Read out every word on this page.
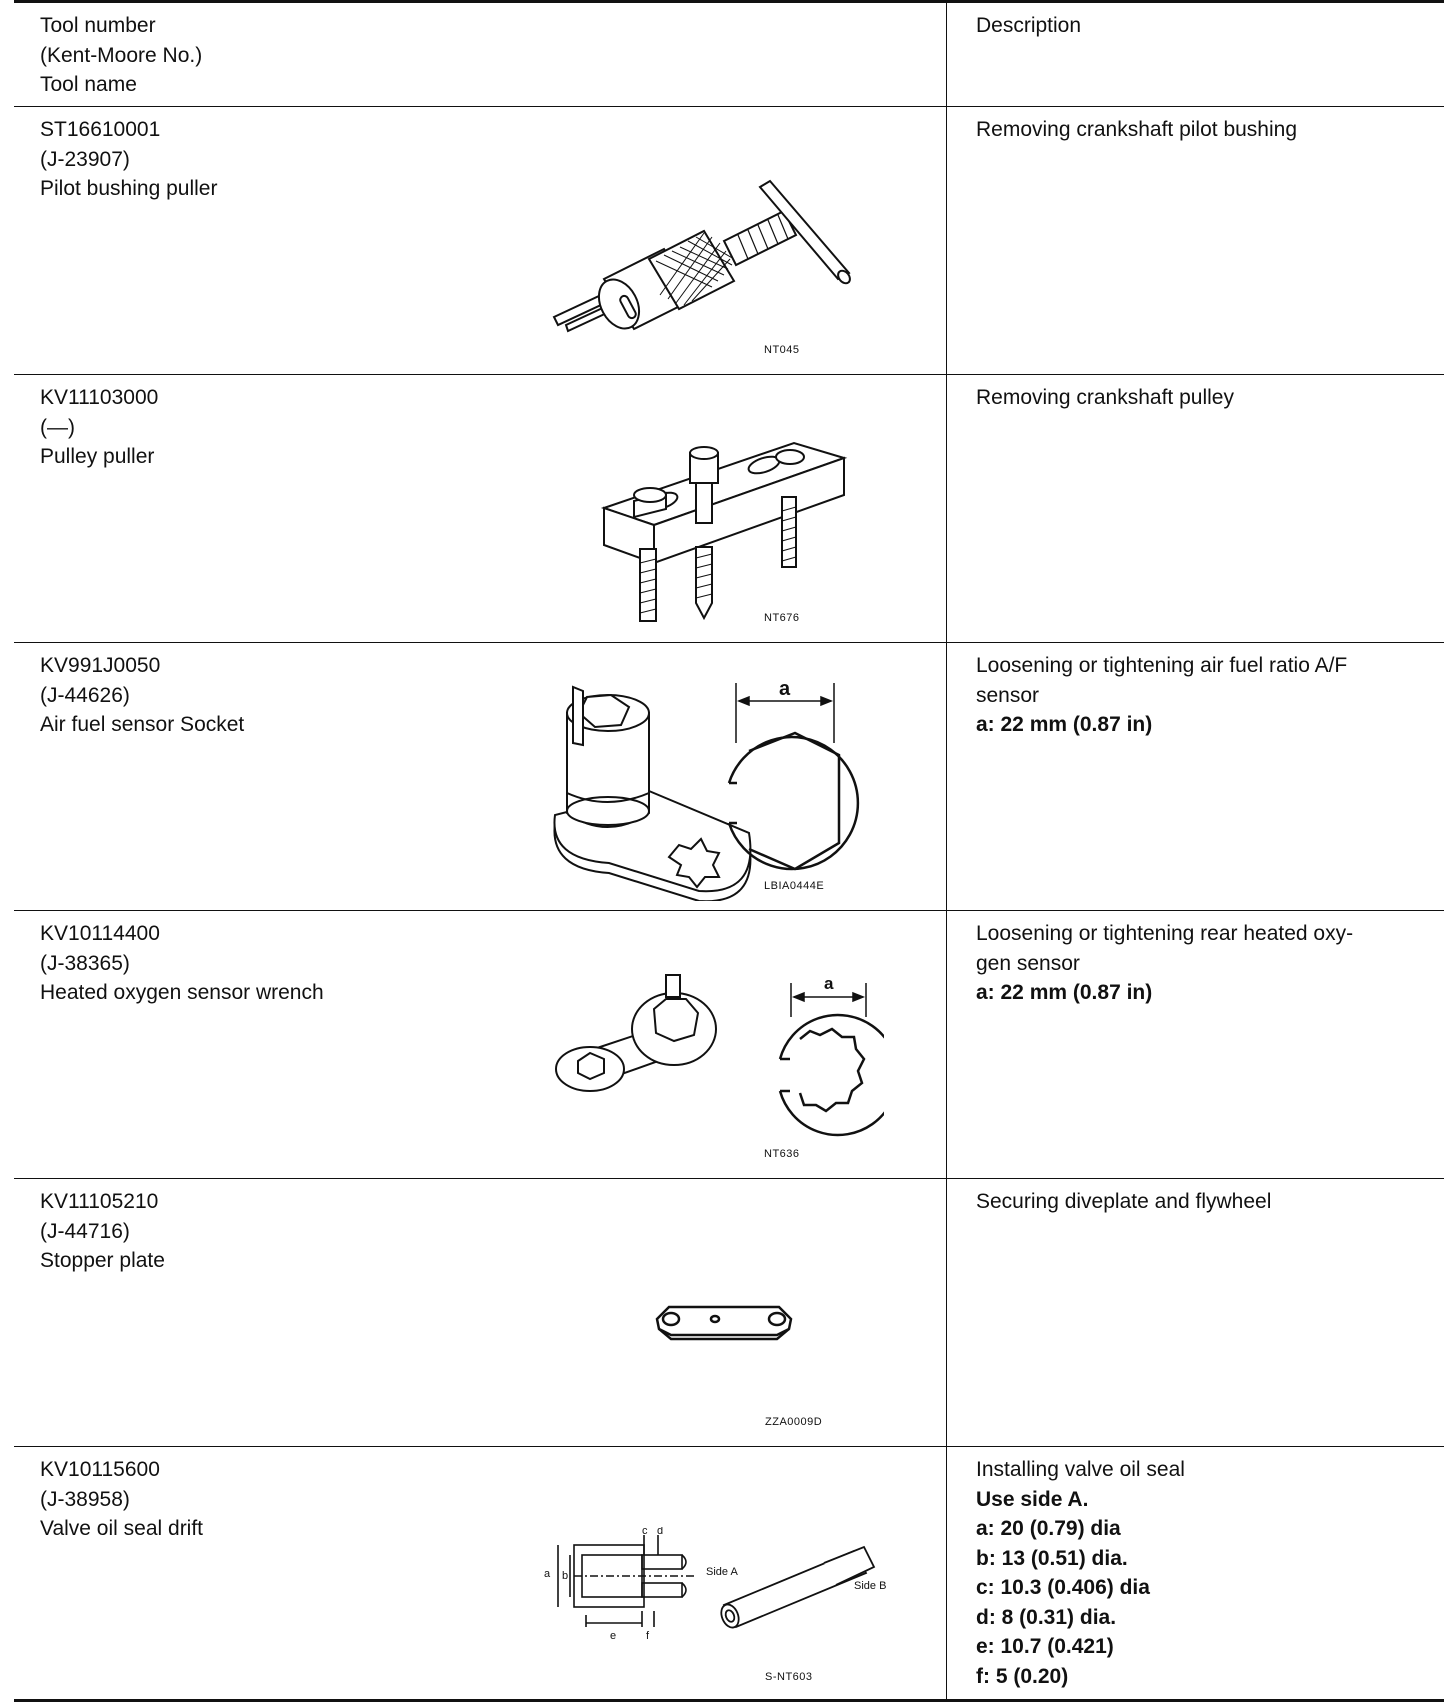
Tool number
(Kent-Moore No.)
Tool name
Description
ST16610001
(J-23907)
Pilot bushing puller
Removing crankshaft pilot bushing
NT045
KV11103000
(—)
Pulley puller
Removing crankshaft pulley
NT676
KV991J0050
(J-44626)
Air fuel sensor Socket
Loosening or tightening air fuel ratio A/F
sensor
a: 22 mm (0.87 in)
a
LBIA0444E
KV10114400
(J-38365)
Heated oxygen sensor wrench
Loosening or tightening rear heated oxy-
gen sensor
a: 22 mm (0.87 in)
a
NT636
KV11105210
(J-44716)
Stopper plate
Securing diveplate and flywheel
ZZA0009D
KV10115600
(J-38958)
Valve oil seal drift
Installing valve oil seal
Use side A.
a: 20 (0.79) dia
b: 13 (0.51) dia.
c: 10.3 (0.406) dia
d: 8 (0.31) dia.
e: 10.7 (0.421)
f: 5 (0.20)
c d
a b	Side A
Side B
e	f
S-NT603
